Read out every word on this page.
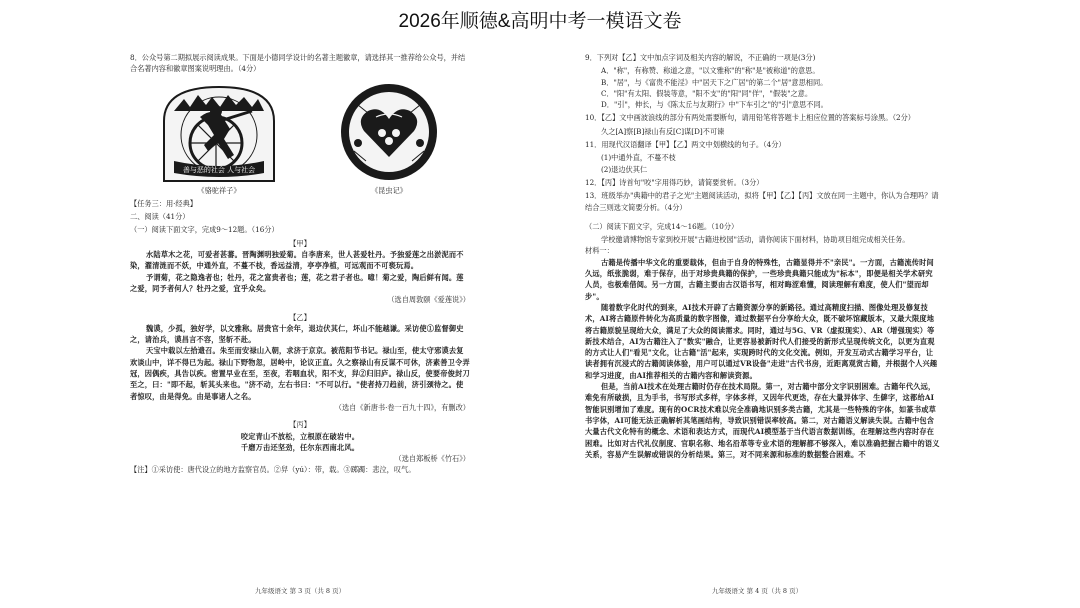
2026年顺德&高明中考一模语文卷
8．公众号第二期拟展示阅读成果。下面是小德同学设计的名著主题徽章，请选择其一推荐给公众号，并结合名著内容和徽章图案说明理由。（4分）
善与恶的社会 人与社会
《骆驼祥子》	《昆虫记》
【任务三：用·经典】
二、阅读（41分）
（一）阅读下面文字，完成9～12题。（16分）
【甲】

水陆草木之花，可爱者甚蕃。晋陶渊明独爱菊。自李唐来，世人甚爱牡丹。予独爱莲之出淤泥而不染，濯清涟而不妖，中通外直，不蔓不枝，香远益清，亭亭净植，可远观而不可亵玩焉。

予谓菊，花之隐逸者也；牡丹，花之富贵者也；莲，花之君子者也。噫！菊之爱，陶后鲜有闻。莲之爱，同予者何人？牡丹之爱，宜乎众矣。

（选自周敦颐《爱莲说》）
【乙】

魏谟，少孤，独好学，以文雅称。居贵官十余年，退边伏其仁，坏山不能越谦。采访使①监督御史之，请治兵，谟昌言不容，坚斩不赴。

天宝中载以左拾遗召。朱至而安禄山入朝，求济于京京。被范阳节书记。禄山至，使太守邪谟去复欢谈山中，详不得已为起。禄山下野物忽，居岭中，论议正直。久之察禄山有反谋不可休，济素善卫令弄冠，因偶疾，具告以疾。密置早业在至，至夜，若咽血状，阳不支，舁②归旧庐。禄山反，使要帝俊封刀至之，曰："即不起，斩其头来也。"济不动，左右书曰："不可以行。"使者持刀趋前，济引颈待之。使者惊叹，由是得免。由是事诸人之名。

（选自《新唐书·卷一百九十四》，有删改）
【丙】
咬定青山不放松，立根原在破岩中。
千磨万击还坚劲，任尔东西南北风。
（选自郑板桥《竹石》）
【注】①采访使：唐代设立的地方监察官员。②舁（yú）：带，载。③踯躅：悲泣，叹气。
九年级语文 第 3 页（共 8 页）
9．下列对【乙】文中加点字词及相关内容的解说，不正确的一项是(3分)
A．"称"，有称赞、称道之意，"以文雅称"的"称"是"被称道"的意思。
B．"居"，与《富贵不能淫》中"居天下之广居"的第二个"居"意思相同。
C．"阳"有太阳、假装等意，"阳不支"的"阳"同"佯"，"假装"之意。
D．"引"，伸长，与《陈太丘与友期行》中"下车引之"的"引"意思不同。
10．【乙】文中画波浪线的部分有两处需要断句，请用铅笔将答题卡上相应位置的答案标号涂黑。（2分）
久之[A]察[B]禄山有反[C]谋[D]不可谏
11．用现代汉语翻译【甲】【乙】两文中划横线的句子。（4分）
(1)中通外直，不蔓不枝
(2)退边伏其仁
12．【丙】诗首句"咬"字用得巧妙，请简要赏析。（3分）
13．班级举办"典籍中的君子之光"主题阅读活动，拟将【甲】【乙】【丙】文放在同一主题中，你认为合理吗？请结合三则选文简要分析。（4分）
（二）阅读下面文字，完成14～16题。（10分）

学校邀请博物馆专家到校开展"古籍进校园"活动，请你阅读下面材料，协助项目组完成相关任务。

材料一：

古籍是传播中华文化的重要载体，但由于自身的特殊性，古籍显得并不"亲民"。一方面，古籍流传时间久远，纸张脆弱，难于保存，出于对珍贵典籍的保护，一些珍贵典籍只能成为"标本"，即便是相关学术研究人员，也极难借阅。另一方面，古籍主要由古汉语书写，相对晦涩难懂，阅读理解有难度，使人们"望而却步"。

随着数字化时代的到来，AI技术开辟了古籍资源分享的新路径。通过高精度扫描、图像处理及修复技术，AI将古籍原件转化为高质量的数字图像，通过数据平台分享给大众，既不破坏馆藏版本，又最大限度地将古籍原貌呈现给大众，满足了大众的阅读需求。同时，通过与5G、VR（虚拟现实）、AR（增强现实）等新技术结合，AI为古籍注入了"数实"融合，让更容易被新时代人们接受的新形式呈现传统文化，以更为直观的方式让人们"看见"文化，让古籍"活"起来，实现跨时代的文化交流。例如，开发互动式古籍学习平台，让读者拥有沉浸式的古籍阅读体验，用户可以通过VR设备"走进"古代书房，近距离观赏古籍，并根据个人兴趣和学习进度，由AI推荐相关的古籍内容和解读资源。

但是，当前AI技术在处理古籍时仍存在技术局限。第一，对古籍中部分文字识别困难。古籍年代久远，难免有所破损，且为手书，书写形式多样，字体多样，又因年代更迭，存在大量异体字、生僻字，这都给AI智能识别增加了难度。现有的OCR技术难以完全准确地识别多类古籍，尤其是一些特殊的字体，如篆书或草书字体，AI可能无法正确解析其笔画结构，导致识别错误率较高。第二，对古籍语义解读失误。古籍中包含大量古代文化特有的概念、术语和表达方式，而现代AI模型基于当代语言数据训练，在理解这些内容时存在困难。比如对古代礼仪制度、官职名称、地名沿革等专业术语的理解都不够深入，难以准确把握古籍中的语义关系，容易产生误解或错误的分析结果。第三，对不同来源和标准的数据整合困难。不

九年级语文 第 4 页（共 8 页）
